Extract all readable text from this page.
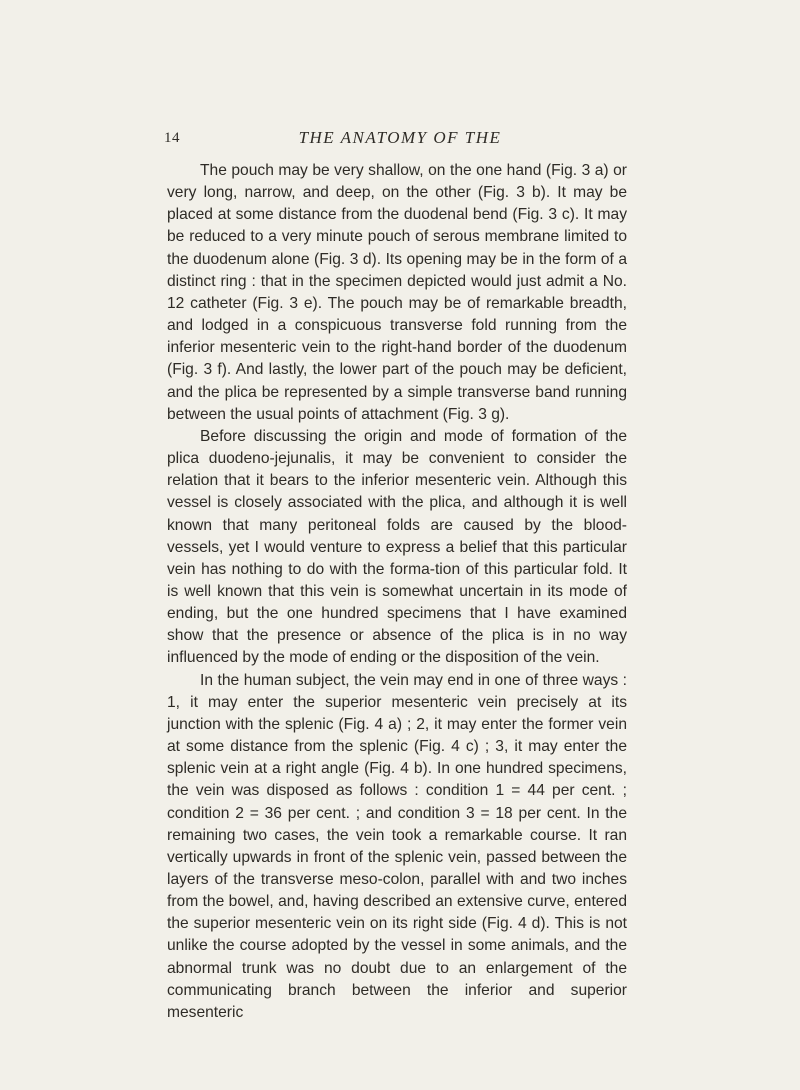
14	THE ANATOMY OF THE

The pouch may be very shallow, on the one hand (Fig. 3 a) or very long, narrow, and deep, on the other (Fig. 3 b). It may be placed at some distance from the duodenal bend (Fig. 3 c). It may be reduced to a very minute pouch of serous membrane limited to the duodenum alone (Fig. 3 d). Its opening may be in the form of a distinct ring : that in the specimen depicted would just admit a No. 12 catheter (Fig. 3 e). The pouch may be of remarkable breadth, and lodged in a conspicuous transverse fold running from the inferior mesenteric vein to the right-hand border of the duodenum (Fig. 3 f). And lastly, the lower part of the pouch may be deficient, and the plica be represented by a simple transverse band running between the usual points of attachment (Fig. 3 g).

Before discussing the origin and mode of formation of the plica duodeno-jejunalis, it may be convenient to consider the relation that it bears to the inferior mesenteric vein. Although this vessel is closely associated with the plica, and although it is well known that many peritoneal folds are caused by the blood-vessels, yet I would venture to express a belief that this particular vein has nothing to do with the forma-tion of this particular fold. It is well known that this vein is somewhat uncertain in its mode of ending, but the one hundred specimens that I have examined show that the presence or absence of the plica is in no way influenced by the mode of ending or the disposition of the vein.

In the human subject, the vein may end in one of three ways : 1, it may enter the superior mesenteric vein precisely at its junction with the splenic (Fig. 4 a) ; 2, it may enter the former vein at some distance from the splenic (Fig. 4 c) ; 3, it may enter the splenic vein at a right angle (Fig. 4 b). In one hundred specimens, the vein was disposed as follows : condition 1 = 44 per cent. ; condition 2 = 36 per cent. ; and condition 3 = 18 per cent. In the remaining two cases, the vein took a remarkable course. It ran vertically upwards in front of the splenic vein, passed between the layers of the transverse meso-colon, parallel with and two inches from the bowel, and, having described an extensive curve, entered the superior mesenteric vein on its right side (Fig. 4 d). This is not unlike the course adopted by the vessel in some animals, and the abnormal trunk was no doubt due to an enlargement of the communicating branch between the inferior and superior mesenteric
